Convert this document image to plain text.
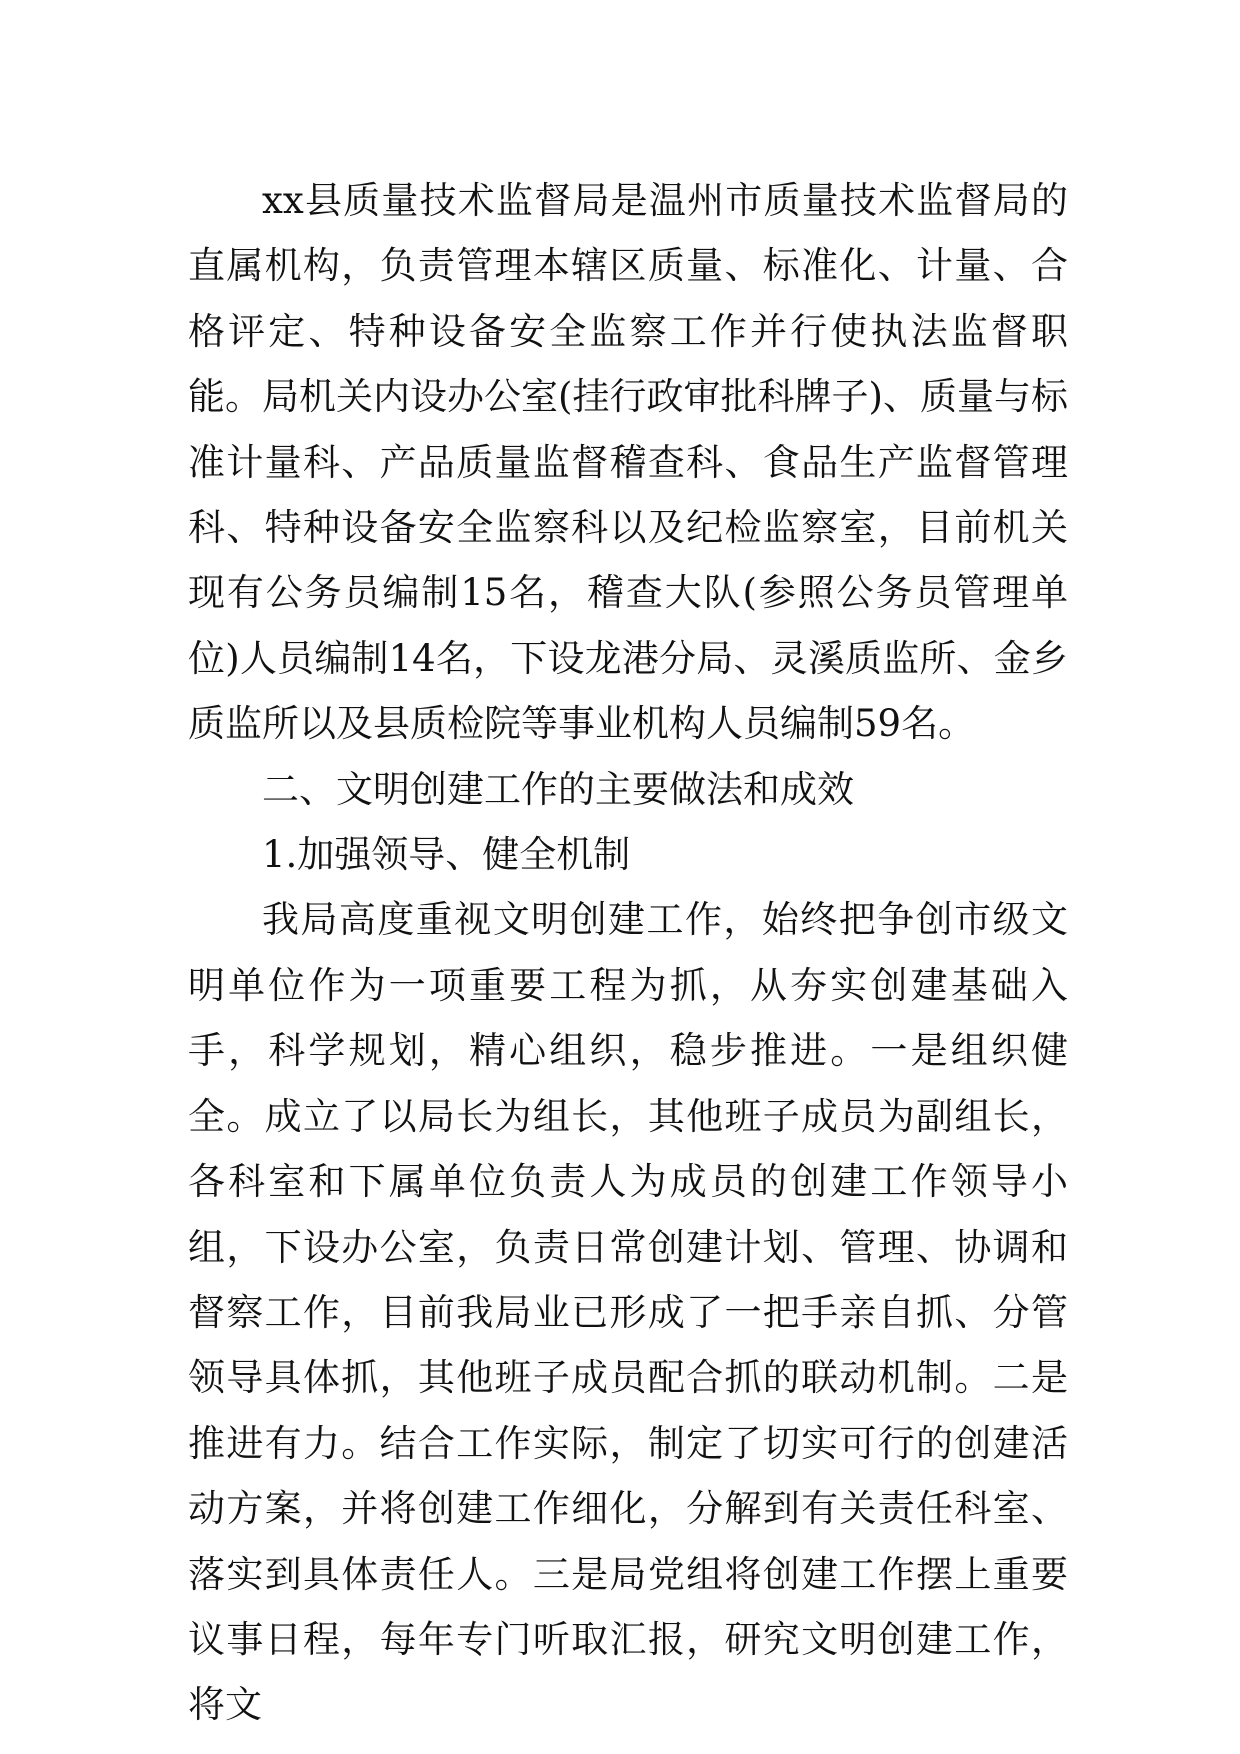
xx县质量技术监督局是温州市质量技术监督局的直属机构，负责管理本辖区质量、标准化、计量、合格评定、特种设备安全监察工作并行使执法监督职能。局机关内设办公室(挂行政审批科牌子)、质量与标准计量科、产品质量监督稽查科、食品生产监督管理科、特种设备安全监察科以及纪检监察室，目前机关现有公务员编制15名，稽查大队(参照公务员管理单位)人员编制14名，下设龙港分局、灵溪质监所、金乡质监所以及县质检院等事业机构人员编制59名。

二、文明创建工作的主要做法和成效

1.加强领导、健全机制

我局高度重视文明创建工作，始终把争创市级文明单位作为一项重要工程为抓，从夯实创建基础入手，科学规划，精心组织，稳步推进。一是组织健全。成立了以局长为组长，其他班子成员为副组长，各科室和下属单位负责人为成员的创建工作领导小组，下设办公室，负责日常创建计划、管理、协调和督察工作，目前我局业已形成了一把手亲自抓、分管领导具体抓，其他班子成员配合抓的联动机制。二是推进有力。结合工作实际，制定了切实可行的创建活动方案，并将创建工作细化，分解到有关责任科室、落实到具体责任人。三是局党组将创建工作摆上重要议事日程，每年专门听取汇报，研究文明创建工作，将文
